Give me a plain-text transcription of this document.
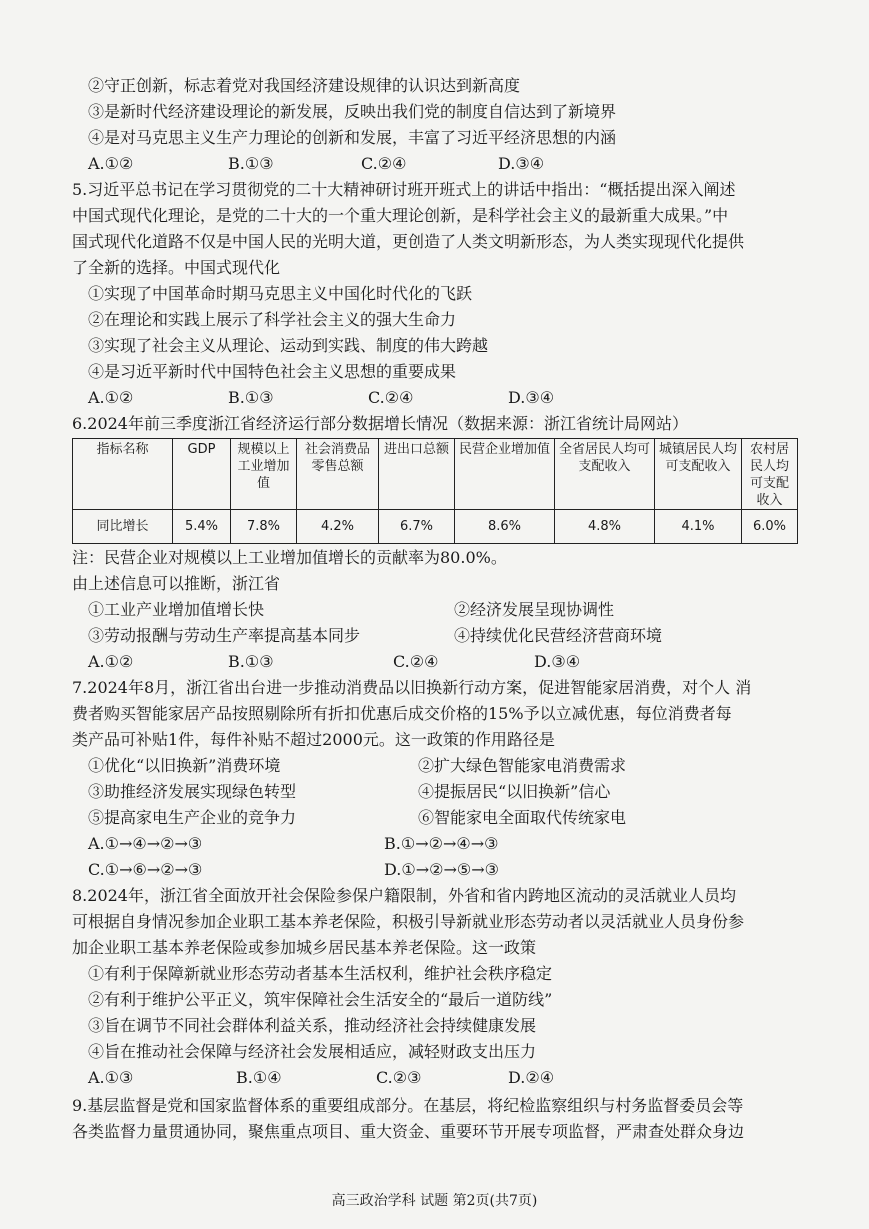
②守正创新，标志着党对我国经济建设规律的认识达到新高度
③是新时代经济建设理论的新发展，反映出我们党的制度自信达到了新境界
④是对马克思主义生产力理论的创新和发展，丰富了习近平经济思想的内涵
A.①②	B.①③	C.②④	D.③④
5.习近平总书记在学习贯彻党的二十大精神研讨班开班式上的讲话中指出：“概括提出深入阐述
中国式现代化理论，是党的二十大的一个重大理论创新，是科学社会主义的最新重大成果。”中
国式现代化道路不仅是中国人民的光明大道，更创造了人类文明新形态，为人类实现现代化提供
了全新的选择。中国式现代化
①实现了中国革命时期马克思主义中国化时代化的飞跃
②在理论和实践上展示了科学社会主义的强大生命力
③实现了社会主义从理论、运动到实践、制度的伟大跨越
④是习近平新时代中国特色社会主义思想的重要成果
A.①②	B.①③	C.②④	D.③④
6.2024年前三季度浙江省经济运行部分数据增长情况（数据来源：浙江省统计局网站）
指标名称	GDP	规模以上工业增加值	社会消费品零售总额	进出口总额	民营企业增加值	全省居民人均可支配收入	城镇居民人均可支配收入	农村居民人均可支配收入
同比增长	5.4%	7.8%	4.2%	6.7%	8.6%	4.8%	4.1%	6.0%
注：民营企业对规模以上工业增加值增长的贡献率为80.0%。
由上述信息可以推断，浙江省
①工业产业增加值增长快	②经济发展呈现协调性
③劳动报酬与劳动生产率提高基本同步	④持续优化民营经济营商环境
A.①②	B.①③	C.②④	D.③④
7.2024年8月，浙江省出台进一步推动消费品以旧换新行动方案，促进智能家居消费，对个人 消
费者购买智能家居产品按照剔除所有折扣优惠后成交价格的15%予以立减优惠，每位消费者每
类产品可补贴1件，每件补贴不超过2000元。这一政策的作用路径是
①优化“以旧换新”消费环境	②扩大绿色智能家电消费需求
③助推经济发展实现绿色转型	④提振居民“以旧换新”信心
⑤提高家电生产企业的竞争力	⑥智能家电全面取代传统家电
A.①→④→②→③	B.①→②→④→③
C.①→⑥→②→③	D.①→②→⑤→③
8.2024年，浙江省全面放开社会保险参保户籍限制，外省和省内跨地区流动的灵活就业人员均
可根据自身情况参加企业职工基本养老保险，积极引导新就业形态劳动者以灵活就业人员身份参
加企业职工基本养老保险或参加城乡居民基本养老保险。这一政策
①有利于保障新就业形态劳动者基本生活权利，维护社会秩序稳定
②有利于维护公平正义，筑牢保障社会生活安全的“最后一道防线”
③旨在调节不同社会群体利益关系，推动经济社会持续健康发展
④旨在推动社会保障与经济社会发展相适应，减轻财政支出压力
A.①③	B.①④	C.②③	D.②④
9.基层监督是党和国家监督体系的重要组成部分。在基层，将纪检监察组织与村务监督委员会等
各类监督力量贯通协同，聚焦重点项目、重大资金、重要环节开展专项监督，严肃查处群众身边
高三政治学科 试题 第2页(共7页)
